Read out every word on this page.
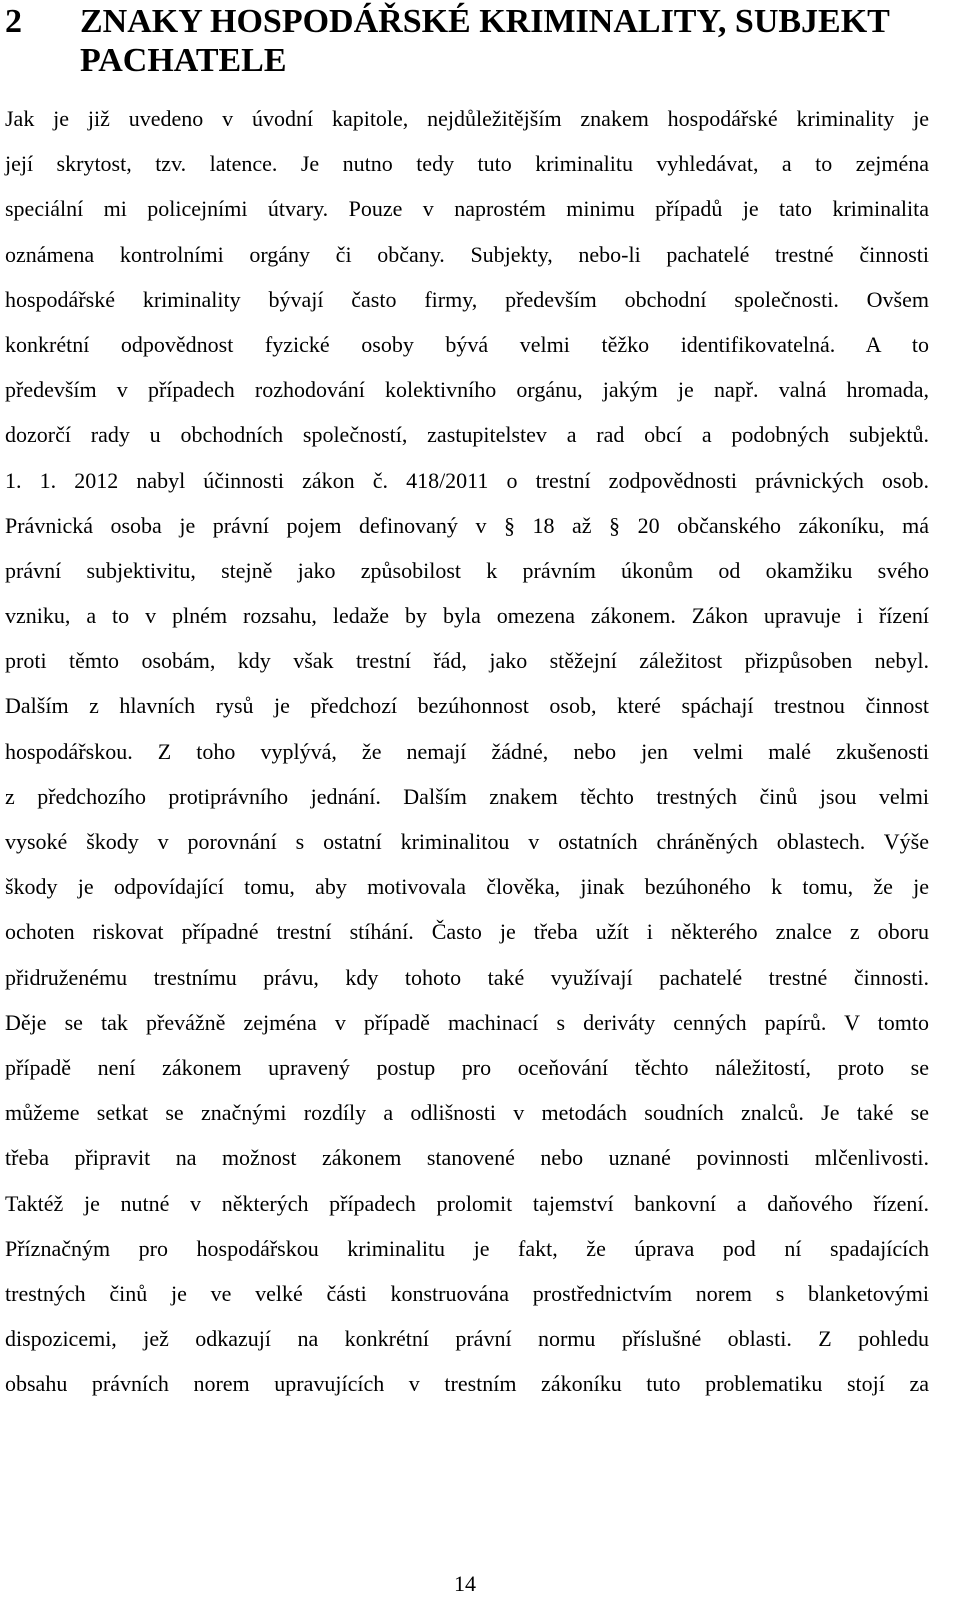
2	ZNAKY HOSPODÁŘSKÉ KRIMINALITY, SUBJEKT PACHATELE
Jak je již uvedeno v úvodní kapitole, nejdůležitějším znakem hospodářské kriminality je
její skrytost, tzv. latence. Je nutno tedy tuto kriminalitu vyhledávat, a to zejména
speciální mi policejními útvary. Pouze v naprostém minimu případů je tato kriminalita
oznámena kontrolními orgány či občany. Subjekty, nebo-li pachatelé trestné činnosti
hospodářské kriminality bývají často firmy, především obchodní společnosti. Ovšem
konkrétní odpovědnost fyzické osoby bývá velmi těžko identifikovatelná. A to
především v případech rozhodování kolektivního orgánu, jakým je např. valná hromada,
dozorčí rady u obchodních společností, zastupitelstev a rad obcí a podobných subjektů.
1. 1. 2012 nabyl účinnosti zákon č. 418/2011 o trestní zodpovědnosti právnických osob.
Právnická osoba je právní pojem definovaný v § 18 až § 20 občanského zákoníku, má
právní subjektivitu, stejně jako způsobilost k právním úkonům od okamžiku svého
vzniku, a to v plném rozsahu, ledaže by byla omezena zákonem. Zákon upravuje i řízení
proti těmto osobám, kdy však trestní řád, jako stěžejní záležitost přizpůsoben nebyl.
Dalším z hlavních rysů je předchozí bezúhonnost osob, které spáchají trestnou činnost
hospodářskou. Z toho vyplývá, že nemají žádné, nebo jen velmi malé zkušenosti
z předchozího protiprávního jednání. Dalším znakem těchto trestných činů jsou velmi
vysoké škody v porovnání s ostatní kriminalitou v ostatních chráněných oblastech. Výše
škody je odpovídající tomu, aby motivovala člověka, jinak bezúhoného k tomu, že je
ochoten riskovat případné trestní stíhání. Často je třeba užít i některého znalce z oboru
přidruženému trestnímu právu, kdy tohoto také využívají pachatelé trestné činnosti.
Děje se tak převážně zejména v případě machinací s deriváty cenných papírů. V tomto
případě není zákonem upravený postup pro oceňování těchto náležitostí, proto se
můžeme setkat se značnými rozdíly a odlišnosti v metodách soudních znalců. Je také se
třeba připravit na možnost zákonem stanovené nebo uznané povinnosti mlčenlivosti.
Taktéž je nutné v některých případech prolomit tajemství bankovní a daňového řízení.
Příznačným pro hospodářskou kriminalitu je fakt, že úprava pod ní spadajících
trestných činů je ve velké části konstruována prostřednictvím norem s blanketovými
dispozicemi, jež odkazují na konkrétní právní normu příslušné oblasti. Z pohledu
obsahu právních norem upravujících v trestním zákoníku tuto problematiku stojí za
14
